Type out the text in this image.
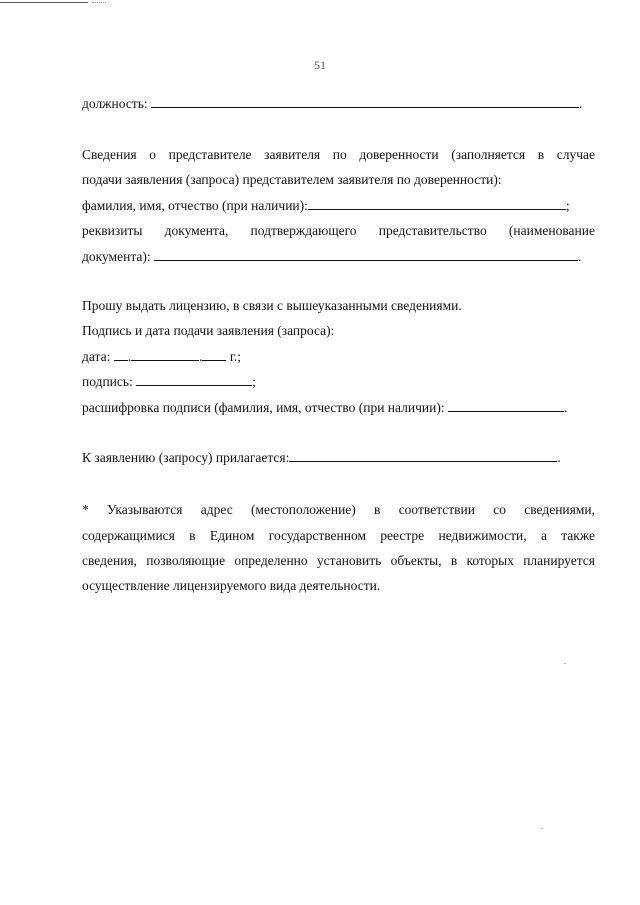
51
должность:	.
Сведения о представителе заявителя по доверенности (заполняется в случае
подачи заявления (запроса) представителем заявителя по доверенности):
фамилия, имя, отчество (при наличии):	;
реквизиты документа, подтверждающего представительство (наименование
документа):	.
Прошу выдать лицензию, в связи с вышеуказанными сведениями.
Подпись и дата подачи заявления (запроса):
дата: .	. г.;
подпись:	;
расшифровка подписи (фамилия, имя, отчество (при наличии):	.
К заявлению (запросу) прилагается:	.
* Указываются адрес (местоположение) в соответствии со сведениями,
содержащимися в Едином государственном реестре недвижимости, а также
сведения, позволяющие определенно установить объекты, в которых планируется
осуществление лицензируемого вида деятельности.
